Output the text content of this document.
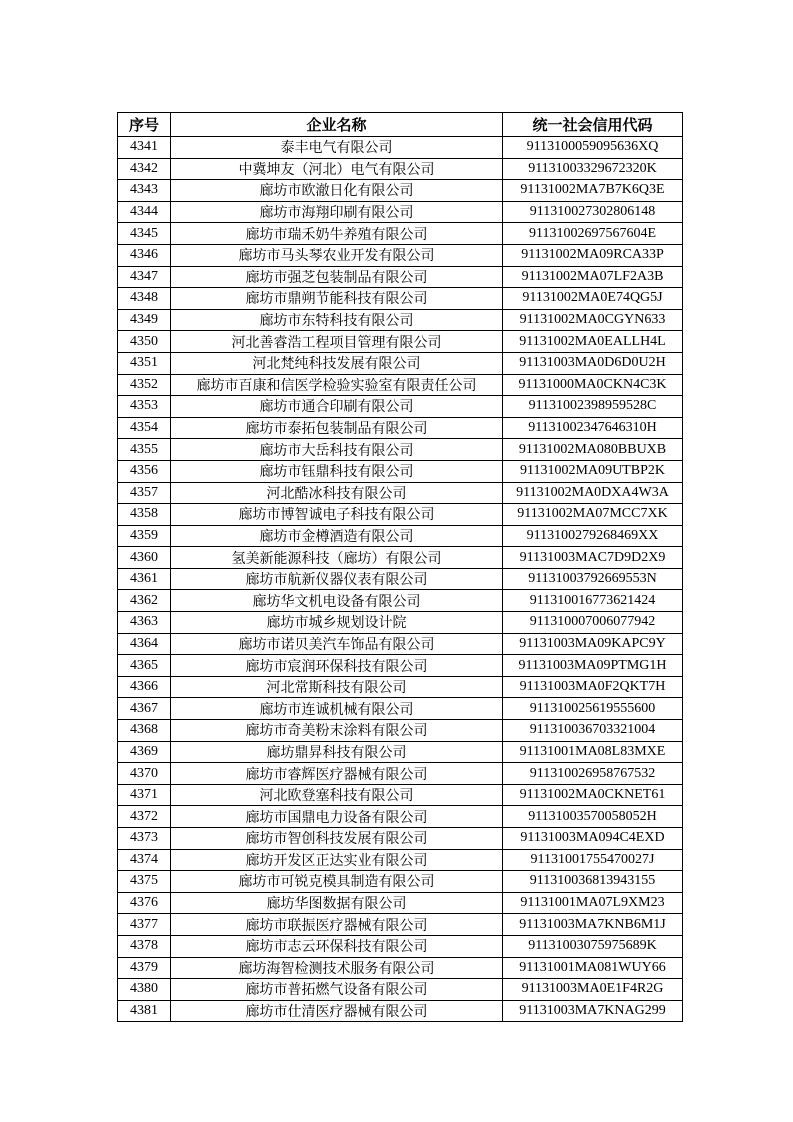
序号	企业名称	统一社会信用代码
4341	泰丰电气有限公司	9113100059095636XQ
4342	中冀坤友（河北）电气有限公司	91131003329672320K
4343	廊坊市欧澈日化有限公司	91131002MA7B7K6Q3E
4344	廊坊市海翔印刷有限公司	911310027302806148
4345	廊坊市瑞禾奶牛养殖有限公司	91131002697567604E
4346	廊坊市马头琴农业开发有限公司	91131002MA09RCA33P
4347	廊坊市强芝包装制品有限公司	91131002MA07LF2A3B
4348	廊坊市鼎朔节能科技有限公司	91131002MA0E74QG5J
4349	廊坊市东特科技有限公司	91131002MA0CGYN633
4350	河北善睿浩工程项目管理有限公司	91131002MA0EALLH4L
4351	河北梵纯科技发展有限公司	91131003MA0D6D0U2H
4352	廊坊市百康和信医学检验实验室有限责任公司	91131000MA0CKN4C3K
4353	廊坊市通合印刷有限公司	91131002398959528C
4354	廊坊市泰拓包装制品有限公司	91131002347646310H
4355	廊坊市大岳科技有限公司	91131002MA080BBUXB
4356	廊坊市钰鼎科技有限公司	91131002MA09UTBP2K
4357	河北酷冰科技有限公司	91131002MA0DXA4W3A
4358	廊坊市博智诚电子科技有限公司	91131002MA07MCC7XK
4359	廊坊市金樽酒造有限公司	9113100279268469XX
4360	氢美新能源科技（廊坊）有限公司	91131003MAC7D9D2X9
4361	廊坊市航新仪器仪表有限公司	91131003792669553N
4362	廊坊华文机电设备有限公司	911310016773621424
4363	廊坊市城乡规划设计院	911310007006077942
4364	廊坊市诺贝美汽车饰品有限公司	91131003MA09KAPC9Y
4365	廊坊市宸润环保科技有限公司	91131003MA09PTMG1H
4366	河北常斯科技有限公司	91131003MA0F2QKT7H
4367	廊坊市连诚机械有限公司	911310025619555600
4368	廊坊市奇美粉末涂料有限公司	911310036703321004
4369	廊坊鼎昇科技有限公司	91131001MA08L83MXE
4370	廊坊市睿辉医疗器械有限公司	911310026958767532
4371	河北欧登塞科技有限公司	91131002MA0CKNET61
4372	廊坊市国鼎电力设备有限公司	91131003570058052H
4373	廊坊市智创科技发展有限公司	91131003MA094C4EXD
4374	廊坊开发区正达实业有限公司	91131001755470027J
4375	廊坊市可锐克模具制造有限公司	911310036813943155
4376	廊坊华图数据有限公司	91131001MA07L9XM23
4377	廊坊市联振医疗器械有限公司	91131003MA7KNB6M1J
4378	廊坊市志云环保科技有限公司	91131003075975689K
4379	廊坊海智检测技术服务有限公司	91131001MA081WUY66
4380	廊坊市普拓燃气设备有限公司	91131003MA0E1F4R2G
4381	廊坊市仕清医疗器械有限公司	91131003MA7KNAG299
